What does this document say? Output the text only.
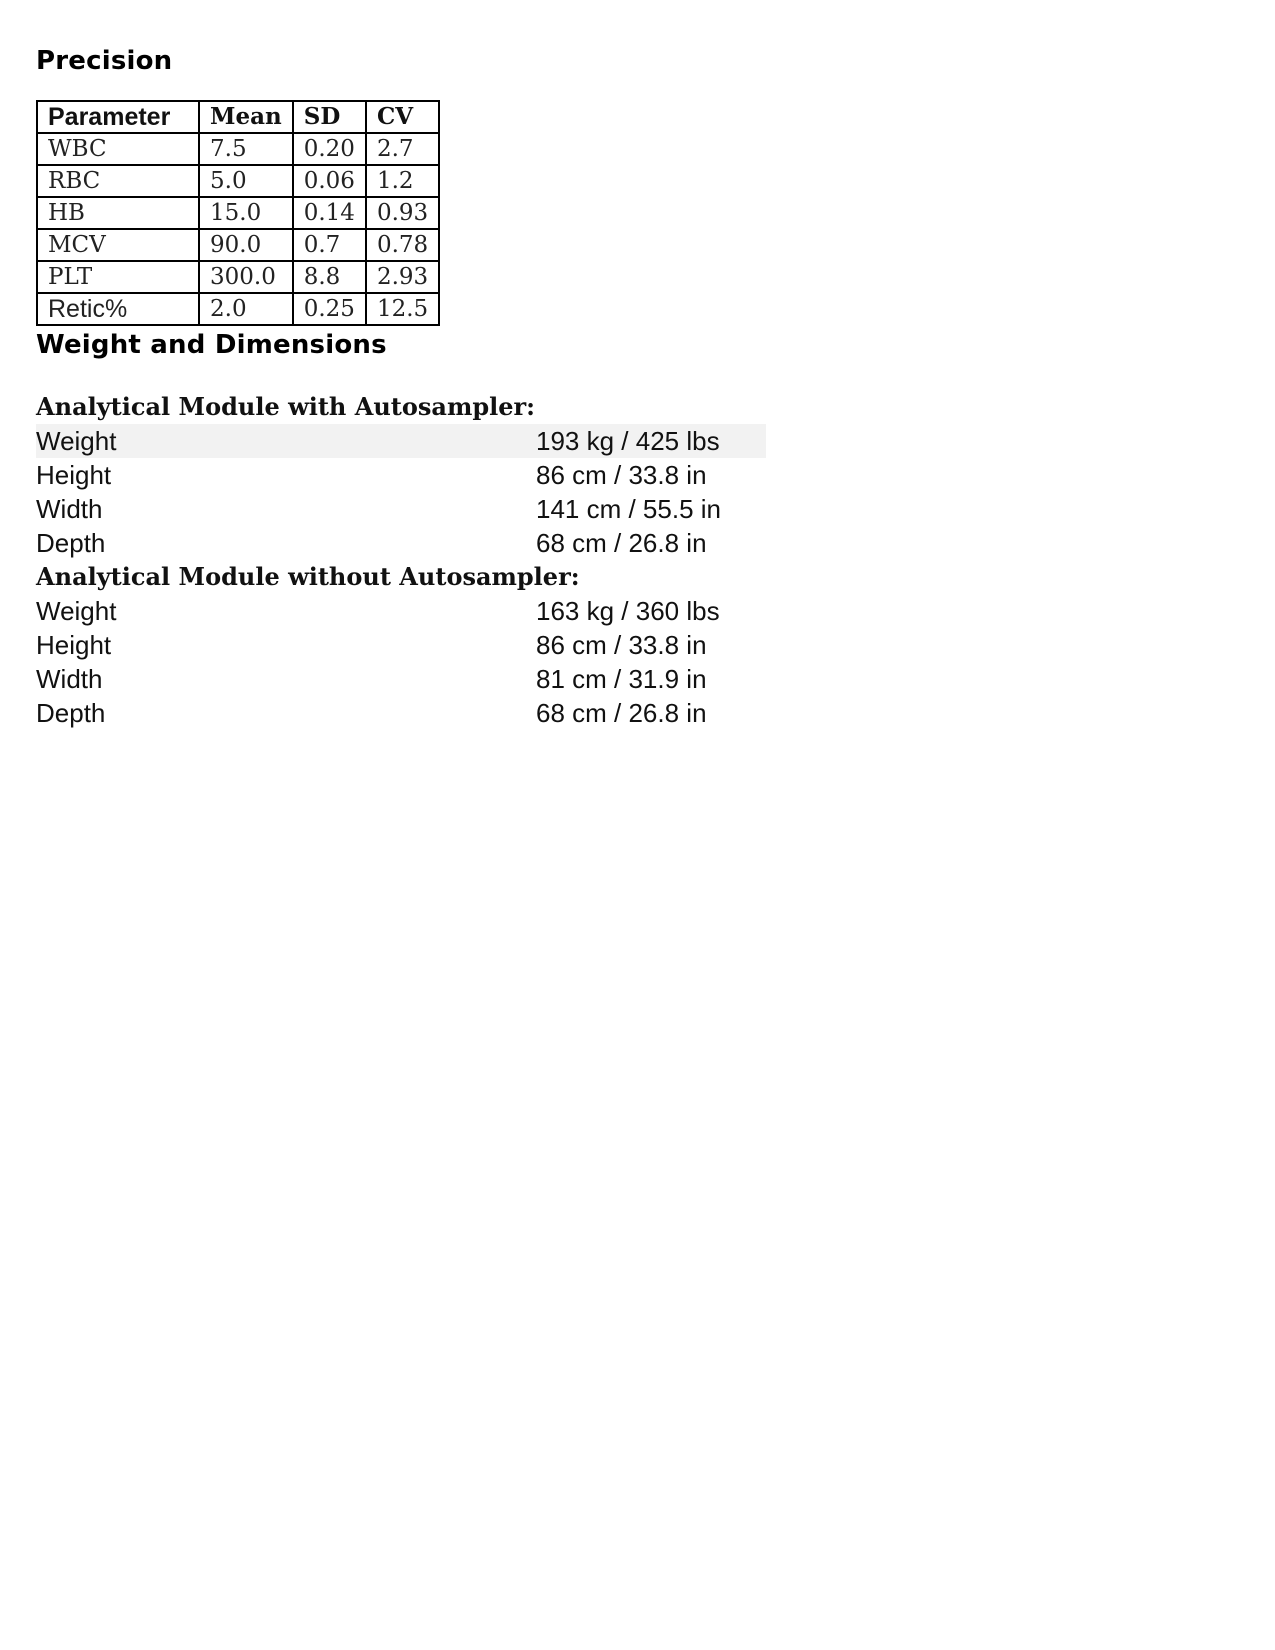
Precision
Parameter	Mean	SD	CV
WBC	7.5	0.20	2.7
RBC	5.0	0.06	1.2
HB	15.0	0.14	0.93
MCV	90.0	0.7	0.78
PLT	300.0	8.8	2.93
Retic%	2.0	0.25	12.5
Weight and Dimensions

Analytical Module with Autosampler:

Weight	193 kg / 425 lbs
Height	86 cm / 33.8 in
Width	141 cm / 55.5 in
Depth	68 cm / 26.8 in

Analytical Module without Autosampler:

Weight	163 kg / 360 lbs
Height	86 cm / 33.8 in
Width	81 cm / 31.9 in
Depth	68 cm / 26.8 in
